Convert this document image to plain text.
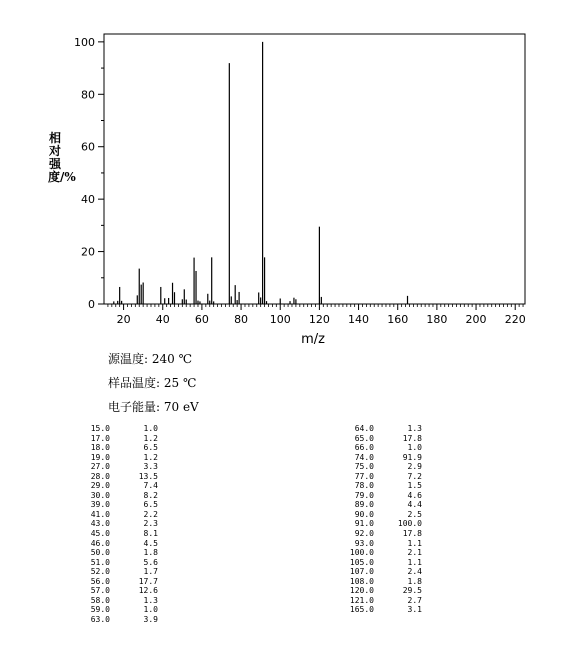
0
20
40
60
80
100
20 40 60 80 100 120 140 160 180 200 220
m/z
相对强度/%
源温度: 240 ℃
样品温度: 25 ℃
电子能量: 70 eV
15.0	1.0
17.0	1.2
18.0	6.5
19.0	1.2
27.0	3.3
28.0	13.5
29.0	7.4
30.0	8.2
39.0	6.5
41.0	2.2
43.0	2.3
45.0	8.1
46.0	4.5
50.0	1.8
51.0	5.6
52.0	1.7
56.0	17.7
57.0	12.6
58.0	1.3
59.0	1.0
63.0	3.9
64.0	1.3
65.0	17.8
66.0	1.0
74.0	91.9
75.0	2.9
77.0	7.2
78.0	1.5
79.0	4.6
89.0	4.4
90.0	2.5
91.0	100.0
92.0	17.8
93.0	1.1
100.0	2.1
105.0	1.1
107.0	2.4
108.0	1.8
120.0	29.5
121.0	2.7
165.0	3.1
